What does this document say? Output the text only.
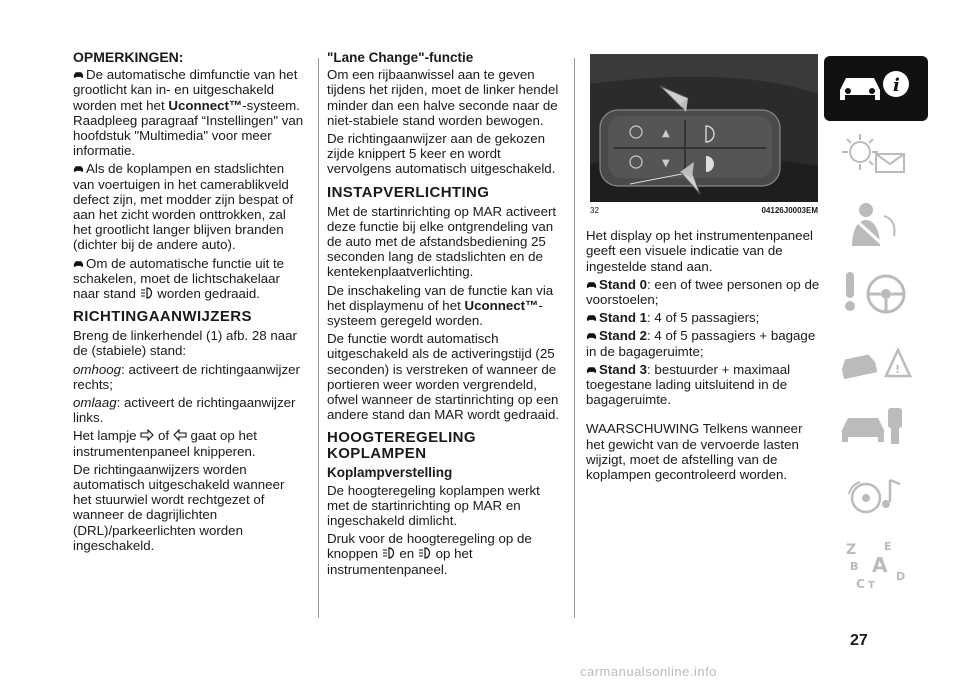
OPMERKINGEN:

De automatische dimfunctie van het grootlicht kan in- en uitgeschakeld worden met het Uconnect™-systeem. Raadpleeg paragraaf “Instellingen" van hoofdstuk "Multimedia" voor meer informatie.

Als de koplampen en stadslichten van voertuigen in het camerablikveld defect zijn, met modder zijn bespat of aan het zicht worden onttrokken, zal het grootlicht langer blijven branden (dichter bij de andere auto).

Om de automatische functie uit te schakelen, moet de lichtschakelaar naar stand  worden gedraaid.

RICHTINGAANWIJZERS

Breng de linkerhendel (1) afb. 28 naar de (stabiele) stand:

omhoog: activeert de richtingaanwijzer rechts;

omlaag: activeert de richtingaanwijzer links.

Het lampje  of  gaat op het instrumentenpaneel knipperen.

De richtingaanwijzers worden automatisch uitgeschakeld wanneer het stuurwiel wordt rechtgezet of wanneer de dagrijlichten (DRL)/parkeerlichten worden ingeschakeld.

"Lane Change"-functie

Om een rijbaanwissel aan te geven tijdens het rijden, moet de linker hendel minder dan een halve seconde naar de niet-stabiele stand worden bewogen.

De richtingaanwijzer aan de gekozen zijde knippert 5 keer en wordt vervolgens automatisch uitgeschakeld.

INSTAPVERLICHTING

Met de startinrichting op MAR activeert deze functie bij elke ontgrendeling van de auto met de afstandsbediening 25 seconden lang de stadslichten en de kentekenplaatverlichting.

De inschakeling van de functie kan via het displaymenu of het Uconnect™-systeem geregeld worden.

De functie wordt automatisch uitgeschakeld als de activeringstijd (25 seconden) is verstreken of wanneer de portieren weer worden vergrendeld, ofwel wanneer de startinrichting op een andere stand dan MAR wordt gedraaid.

HOOGTEREGELING KOPLAMPEN

Koplampverstelling

De hoogteregeling koplampen werkt met de startinrichting op MAR en ingeschakeld dimlicht.

Druk voor de hoogteregeling op de knoppen  en  op het instrumentenpaneel.

▲
▼
32	04126J0003EM

Het display op het instrumentenpaneel geeft een visuele indicatie van de ingestelde stand aan.

Stand 0: een of twee personen op de voorstoelen;

Stand 1: 4 of 5 passagiers;

Stand 2: 4 of 5 passagiers + bagage in de bagageruimte;

Stand 3: bestuurder + maximaal toegestane lading uitsluitend in de bagageruimte.

WAARSCHUWING Telkens wanneer het gewicht van de vervoerde lasten wijzigt, moet de afstelling van de koplampen gecontroleerd worden.

i
!
Z	E
B A
C
D
T
27
carmanualsonline.info
